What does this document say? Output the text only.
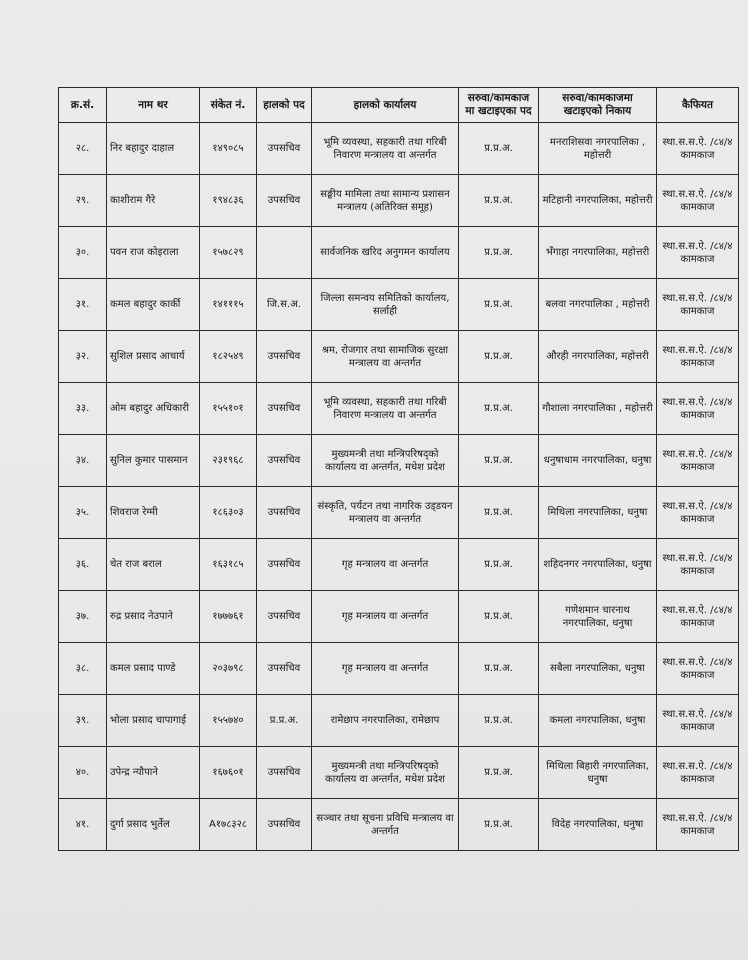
क्र.सं.	नाम थर	संकेत नं.	हालको पद	हालको कार्यालय	सरुवा/कामकाज मा खटाइएका पद	सरुवा/कामकाजमा खटाइएको निकाय	कैफियत
२८.	निर बहादुर दाहाल	१४९०८५	उपसचिव	भूमि व्यवस्था, सहकारी तथा गरिबी निवारण मन्त्रालय वा अन्तर्गत	प्र.प्र.अ.	मनराशिसवा नगरपालिका , महोत्तरी	स्था.स.स.ऐ. /८४/४ कामकाज
२९.	काशीराम गैरे	१९४८३६	उपसचिव	सङ्घीय मामिला तथा सामान्य प्रशासन मन्त्रालय (अतिरिक्त समूह)	प्र.प्र.अ.	मटिहानी नगरपालिका, महोत्तरी	स्था.स.स.ऐ. /८४/४ कामकाज
३०.	पवन राज कोइराला	१५७८२९		सार्वजनिक खरिद अनुगमन कार्यालय	प्र.प्र.अ.	भँगाहा नगरपालिका, महोत्तरी	स्था.स.स.ऐ. /८४/४ कामकाज
३१.	कमल बहादुर कार्की	१४१११५	जि.स.अ.	जिल्ला समन्वय समितिको कार्यालय, सर्लाही	प्र.प्र.अ.	बलवा नगरपालिका , महोत्तरी	स्था.स.स.ऐ. /८४/४ कामकाज
३२.	सुशिल प्रसाद आचार्य	१८२५४९	उपसचिव	श्रम, रोजगार तथा सामाजिक सुरक्षा मन्त्रालय वा अन्तर्गत	प्र.प्र.अ.	औरही नगरपालिका, महोत्तरी	स्था.स.स.ऐ. /८४/४ कामकाज
३३.	ओम बहादुर अधिकारी	१५५१०१	उपसचिव	भूमि व्यवस्था, सहकारी तथा गरिबी निवारण मन्त्रालय वा अन्तर्गत	प्र.प्र.अ.	गौशाला नगरपालिका , महोत्तरी	स्था.स.स.ऐ. /८४/४ कामकाज
३४.	सुनिल कुमार पासमान	२३१९६८	उपसचिव	मुख्यमन्त्री तथा मन्त्रिपरिषद्को कार्यालय वा अन्तर्गत, मधेश प्रदेश	प्र.प्र.अ.	धनुषाधाम नगरपालिका, धनुषा	स्था.स.स.ऐ. /८४/४ कामकाज
३५.	शिवराज रेग्मी	१८६३०३	उपसचिव	संस्कृति, पर्यटन तथा नागरिक उड्‌डयन मन्त्रालय वा अन्तर्गत	प्र.प्र.अ.	मिथिला नगरपालिका, धनुषा	स्था.स.स.ऐ. /८४/४ कामकाज
३६.	चेत राज बराल	१६३१८५	उपसचिव	गृह मन्त्रालय वा अन्तर्गत	प्र.प्र.अ.	शहिदनगर नगरपालिका, धनुषा	स्था.स.स.ऐ. /८४/४ कामकाज
३७.	रुद्र प्रसाद नेउपाने	१७७७६१	उपसचिव	गृह मन्त्रालय वा अन्तर्गत	प्र.प्र.अ.	गणेशमान चारनाथ नगरपालिका, धनुषा	स्था.स.स.ऐ. /८४/४ कामकाज
३८.	कमल प्रसाद पाण्डे	२०३७९८	उपसचिव	गृह मन्त्रालय वा अन्तर्गत	प्र.प्र.अ.	सबैला नगरपालिका, धनुषा	स्था.स.स.ऐ. /८४/४ कामकाज
३९.	भोला प्रसाद चापागाई	१५५७४०	प्र.प्र.अ.	रामेछाप नगरपालिका, रामेछाप	प्र.प्र.अ.	कमला नगरपालिका, धनुषा	स्था.स.स.ऐ. /८४/४ कामकाज
४०.	उपेन्द्र न्यौपाने	१६७६०१	उपसचिव	मुख्यमन्त्री तथा मन्त्रिपरिषद्को कार्यालय वा अन्तर्गत, मधेश प्रदेश	प्र.प्र.अ.	मिथिला बिहारी नगरपालिका, धनुषा	स्था.स.स.ऐ. /८४/४ कामकाज
४१.	दुर्गा प्रसाद भुर्तेल	A१७८३२८	उपसचिव	सञ्चार तथा सूचना प्रविधि मन्त्रालय वा अन्तर्गत	प्र.प्र.अ.	विदेह नगरपालिका, धनुषा	स्था.स.स.ऐ. /८४/४ कामकाज
